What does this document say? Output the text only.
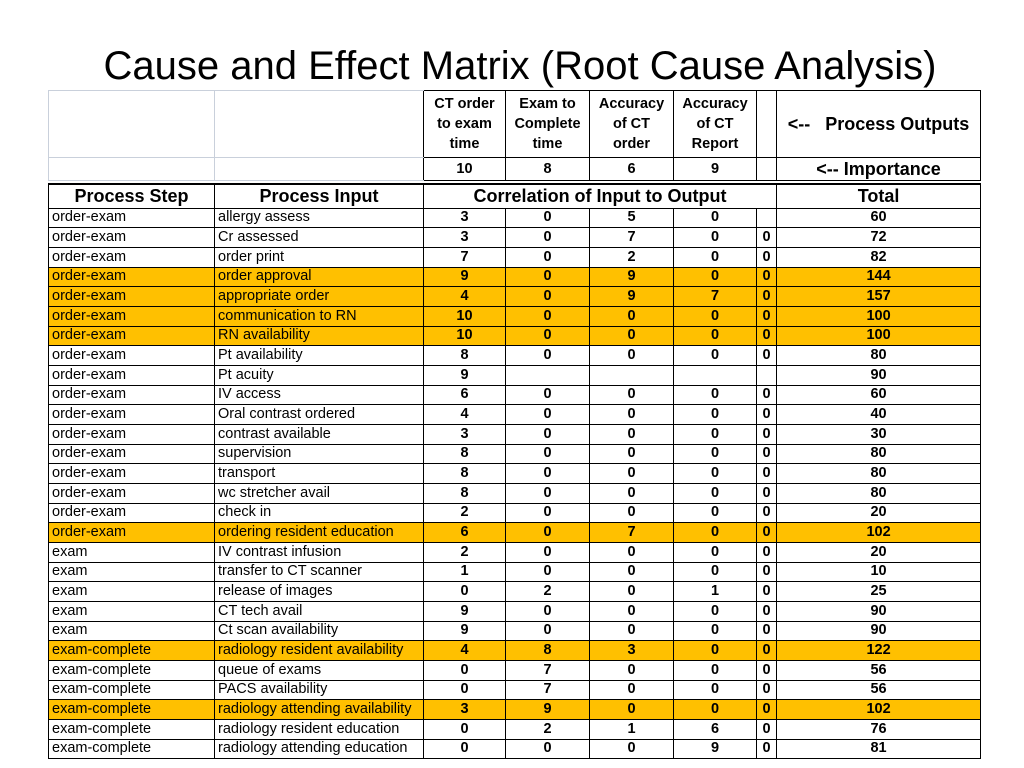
Cause and Effect Matrix (Root Cause Analysis)

		CT order to exam time	Exam to Complete time	Accuracy of CT order	Accuracy of CT Report		<--   Process Outputs
		10	8	6	9		<-- Importance
Process Step	Process Input	Correlation of Input to Output					Total
order-exam	allergy assess	3	0	5	0		60
order-exam	Cr assessed	3	0	7	0	0	72
order-exam	order print	7	0	2	0	0	82
order-exam	order approval	9	0	9	0	0	144
order-exam	appropriate order	4	0	9	7	0	157
order-exam	communication to RN	10	0	0	0	0	100
order-exam	RN availability	10	0	0	0	0	100
order-exam	Pt availability	8	0	0	0	0	80
order-exam	Pt acuity	9					90
order-exam	IV access	6	0	0	0	0	60
order-exam	Oral contrast ordered	4	0	0	0	0	40
order-exam	contrast available	3	0	0	0	0	30
order-exam	supervision	8	0	0	0	0	80
order-exam	transport	8	0	0	0	0	80
order-exam	wc stretcher avail	8	0	0	0	0	80
order-exam	check in	2	0	0	0	0	20
order-exam	ordering resident education	6	0	7	0	0	102
exam	IV contrast infusion	2	0	0	0	0	20
exam	transfer to CT scanner	1	0	0	0	0	10
exam	release of images	0	2	0	1	0	25
exam	CT tech avail	9	0	0	0	0	90
exam	Ct scan availability	9	0	0	0	0	90
exam-complete	radiology resident availability	4	8	3	0	0	122
exam-complete	queue of exams	0	7	0	0	0	56
exam-complete	PACS availability	0	7	0	0	0	56
exam-complete	radiology attending availability	3	9	0	0	0	102
exam-complete	radiology resident education	0	2	1	6	0	76
exam-complete	radiology attending education	0	0	0	9	0	81
